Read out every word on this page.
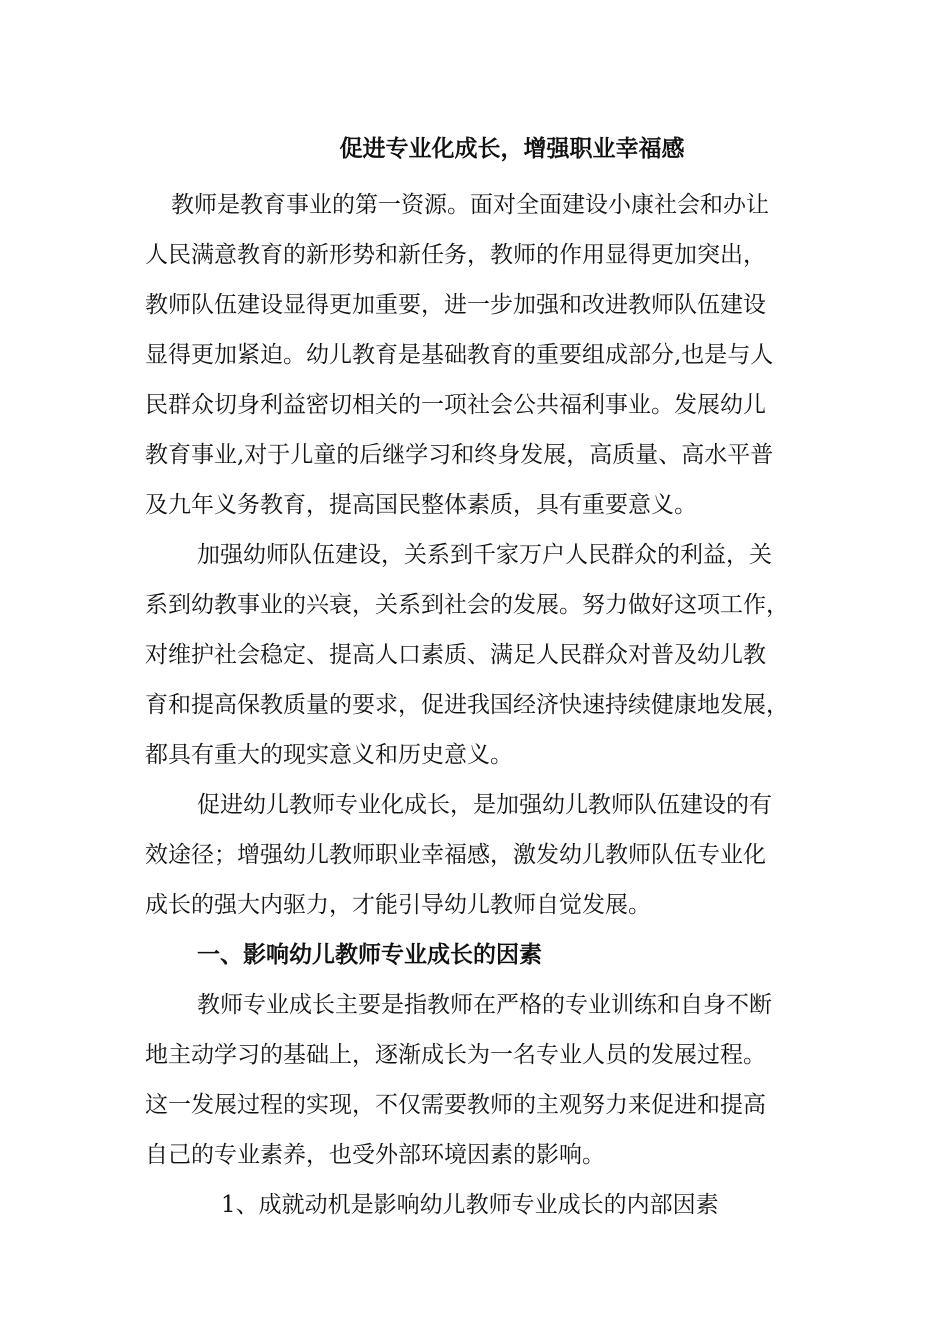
促进专业化成长，增强职业幸福感
教师是教育事业的第一资源。面对全面建设小康社会和办让
人民满意教育的新形势和新任务，教师的作用显得更加突出，
教师队伍建设显得更加重要，进一步加强和改进教师队伍建设
显得更加紧迫。幼儿教育是基础教育的重要组成部分,也是与人
民群众切身利益密切相关的一项社会公共福利事业。发展幼儿
教育事业,对于儿童的后继学习和终身发展，高质量、高水平普
及九年义务教育，提高国民整体素质，具有重要意义。
加强幼师队伍建设，关系到千家万户人民群众的利益，关
系到幼教事业的兴衰，关系到社会的发展。努力做好这项工作，
对维护社会稳定、提高人口素质、满足人民群众对普及幼儿教
育和提高保教质量的要求，促进我国经济快速持续健康地发展，
都具有重大的现实意义和历史意义。
促进幼儿教师专业化成长，是加强幼儿教师队伍建设的有
效途径；增强幼儿教师职业幸福感，激发幼儿教师队伍专业化
成长的强大内驱力，才能引导幼儿教师自觉发展。
一、影响幼儿教师专业成长的因素
教师专业成长主要是指教师在严格的专业训练和自身不断
地主动学习的基础上，逐渐成长为一名专业人员的发展过程。
这一发展过程的实现，不仅需要教师的主观努力来促进和提高
自己的专业素养，也受外部环境因素的影响。
1、成就动机是影响幼儿教师专业成长的内部因素
